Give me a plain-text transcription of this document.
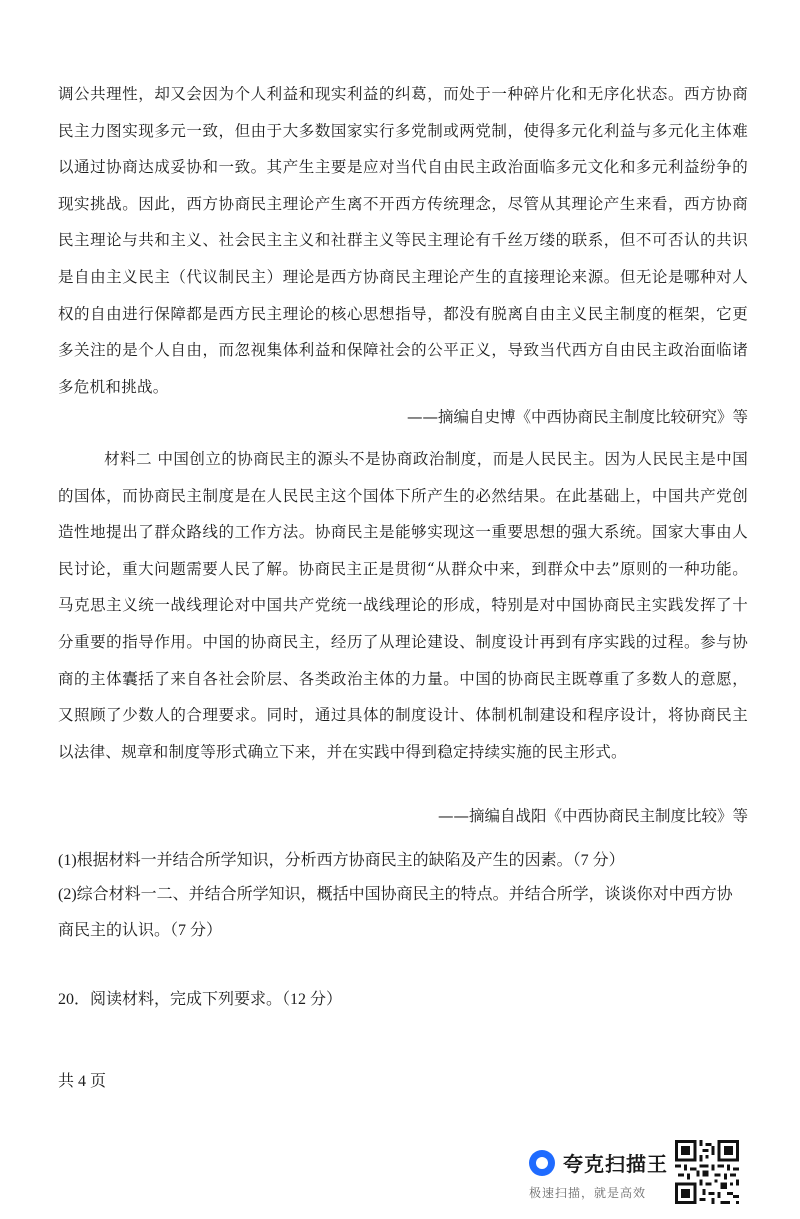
调公共理性，却又会因为个人利益和现实利益的纠葛，而处于一种碎片化和无序化状态。西方协商民主力图实现多元一致，但由于大多数国家实行多党制或两党制，使得多元化利益与多元化主体难以通过协商达成妥协和一致。其产生主要是应对当代自由民主政治面临多元文化和多元利益纷争的现实挑战。因此，西方协商民主理论产生离不开西方传统理念，尽管从其理论产生来看，西方协商民主理论与共和主义、社会民主主义和社群主义等民主理论有千丝万缕的联系，但不可否认的共识是自由主义民主（代议制民主）理论是西方协商民主理论产生的直接理论来源。但无论是哪种对人权的自由进行保障都是西方民主理论的核心思想指导，都没有脱离自由主义民主制度的框架，它更多关注的是个人自由，而忽视集体利益和保障社会的公平正义，导致当代西方自由民主政治面临诸多危机和挑战。

——摘编自史博《中西协商民主制度比较研究》等

材料二 中国创立的协商民主的源头不是协商政治制度，而是人民民主。因为人民民主是中国的国体，而协商民主制度是在人民民主这个国体下所产生的必然结果。在此基础上，中国共产党创造性地提出了群众路线的工作方法。协商民主是能够实现这一重要思想的强大系统。国家大事由人民讨论，重大问题需要人民了解。协商民主正是贯彻“从群众中来，到群众中去”原则的一种功能。马克思主义统一战线理论对中国共产党统一战线理论的形成，特别是对中国协商民主实践发挥了十分重要的指导作用。中国的协商民主，经历了从理论建设、制度设计再到有序实践的过程。参与协商的主体囊括了来自各社会阶层、各类政治主体的力量。中国的协商民主既尊重了多数人的意愿，又照顾了少数人的合理要求。同时，通过具体的制度设计、体制机制建设和程序设计，将协商民主以法律、规章和制度等形式确立下来，并在实践中得到稳定持续实施的民主形式。

——摘编自战阳《中西协商民主制度比较》等

(1)根据材料一并结合所学知识，分析西方协商民主的缺陷及产生的因素。（7 分）

(2)综合材料一二、并结合所学知识，概括中国协商民主的特点。并结合所学，谈谈你对中西方协商民主的认识。（7 分）

20．阅读材料，完成下列要求。（12 分）

共 4 页

夸克扫描王
极速扫描，就是高效
